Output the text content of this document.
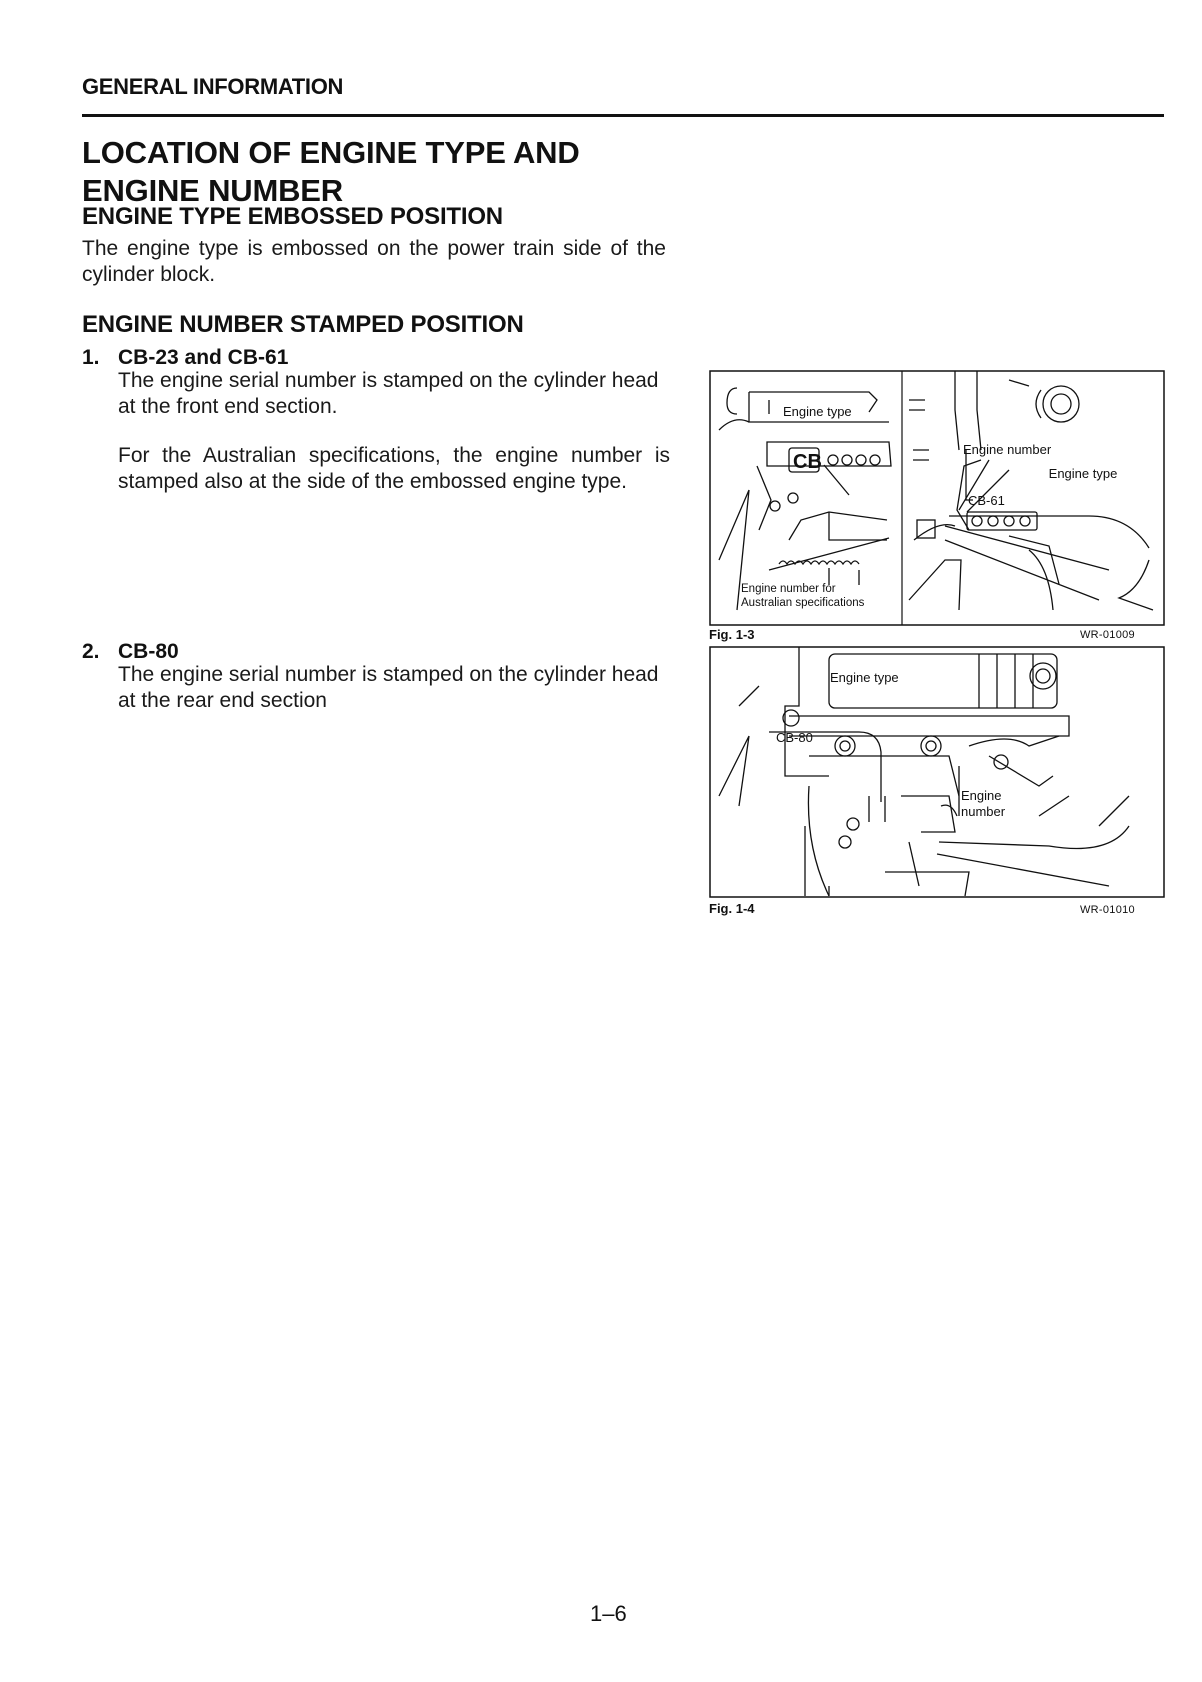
GENERAL INFORMATION
LOCATION OF ENGINE TYPE AND
ENGINE NUMBER
ENGINE TYPE EMBOSSED POSITION
The engine type is embossed on the power train side of the cylinder block.
ENGINE NUMBER STAMPED POSITION
1. CB-23 and CB-61
The engine serial number is stamped on the cylinder head at the front end section.
For the Australian specifications, the engine number is stamped also at the side of the embossed engine type.
2. CB-80
The engine serial number is stamped on the cylinder head at the rear end section
Engine type
CB
Engine number for
Australian specifications
Engine number
Engine type
CB-61
Fig. 1-3	WR-01009
Engine type
CB-80
Engine
number
Fig. 1-4	WR-01010
1–6
